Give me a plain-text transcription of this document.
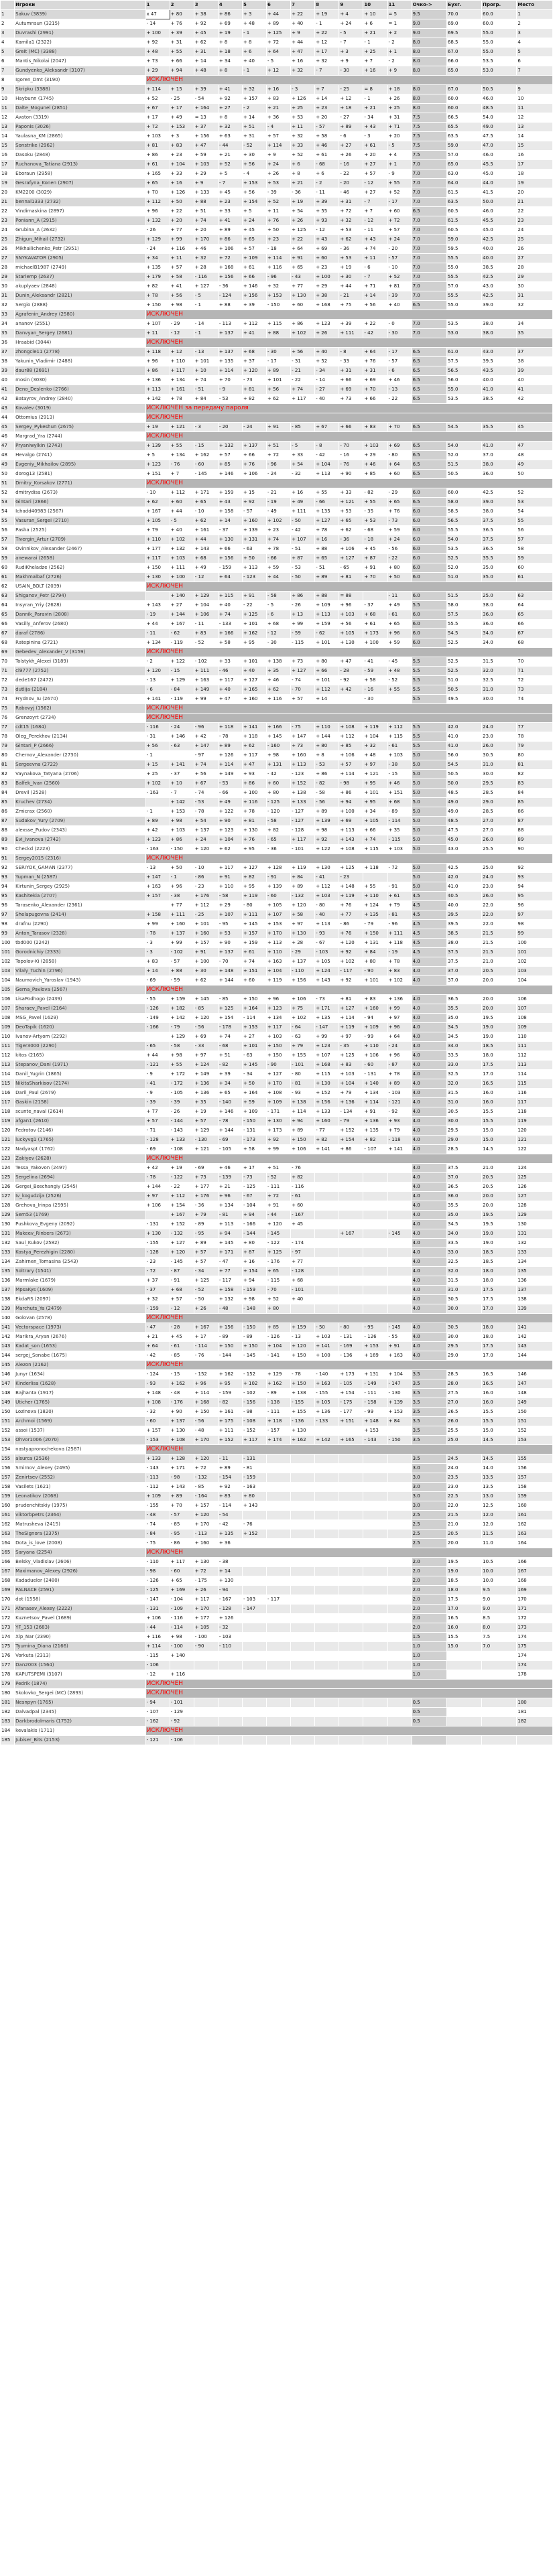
	Игроки	1	2	3	4	5	6	7	8	9	10	11	Очко->	Бухг.	Прогр.	Место
1	Sakuv (3839)	x 47	+ 80	+ 38	+ 86	+ 3	+ 44	+ 22	+ 19	+ 4	+ 10	= 5	9.5	70.0	60.0	1
2	Autumnsun (3215)	- 14	+ 76	+ 92	+ 69	+ 48	+ 89	+ 40	- 1	+ 24	+ 6	= 1	9.0	69.0	60.0	2
3	Duvrashi (2991)	+ 100	+ 39	+ 45	+ 19	- 1	+ 125	+ 9	+ 22	- 5	+ 21	+ 2	9.0	69.5	55.0	3
4	Kamila1 (2322)	+ 92	+ 31	+ 62	+ 8	+ 8	+ 72	+ 44	+ 12	- 7	- 1	- 2	8.0	68.5	55.0	4
5	Greit (MC) (3388)	+ 48	+ 55	+ 31	+ 18	+ 6	+ 64	+ 47	+ 17	+ 3	+ 25	+ 1	8.0	67.0	55.0	5
6	Mantis_Nikolai (2047)	+ 73	+ 66	+ 14	+ 34	+ 40	- 5	+ 16	+ 32	+ 9	+ 7	- 2	8.0	66.0	53.5	6
7	Gundyenko_Aleksandr (3107)	+ 29	+ 94	+ 48	+ 8	- 1	+ 12	+ 32	- 7	- 30	+ 16	+ 9	8.0	65.0	53.0	7
8	Igoren_Dmt (3190)	ИСКЛЮЧЕН														
9	Skripku (3388)	+ 114	+ 15	+ 39	+ 41	+ 32	+ 16	- 3	+ 7	- 25	= 8	+ 18	8.0	67.0	50.5	9
10	Haybunn (1745)	+ 52	- 25	- 54	+ 92	+ 157	+ 83	+ 126	+ 14	+ 12	- 1	+ 26	8.0	60.0	46.0	10
11	Dalte_Mogunel (2851)	+ 67	+ 17	+ 164	+ 27	- 2	+ 21	+ 25	+ 23	+ 18	+ 21	+ 25	8.0	60.0	48.5	11
12	Avaton (3319)	+ 17	+ 49	= 13	+ 8	+ 14	+ 36	+ 53	+ 20	- 27	- 34	+ 31	7.5	66.5	54.0	12
13	Paponis (3026)	+ 72	+ 153	+ 37	+ 32	+ 51	- 4	+ 11	- 57	+ 89	+ 43	+ 71	7.5	65.5	49.0	13
14	Yaulasna_KM (2865)	+ 103	+ 3	+ 156	+ 63	+ 31	+ 57	+ 32	+ 58	- 6	- 3	+ 20	7.5	63.5	47.5	14
15	Sonstrike (2962)	+ 81	+ 83	+ 47	- 44	- 52	+ 114	+ 33	+ 46	+ 27	+ 61	- 5	7.5	59.0	47.0	15
16	Dasoku (2848)	+ 86	+ 23	+ 59	+ 21	+ 30	+ 9	+ 52	+ 61	+ 26	+ 20	+ 4	7.5	57.0	46.0	16
17	Ruchanova_Tatiana (2913)	+ 61	+ 104	+ 103	+ 52	+ 56	+ 24	+ 6	- 68	- 16	+ 27	+ 1	7.0	65.0	45.5	17
18	Eboraun (2958)	+ 165	+ 33	+ 29	+ 5	- 4	+ 26	+ 8	+ 6	- 22	+ 57	- 9	7.0	63.0	45.0	18
19	Gesrafyna_Konen (2907)	+ 65	+ 16	+ 9	- 7	+ 153	+ 53	+ 21	- 2	- 20	- 12	+ 55	7.0	64.0	44.0	19
20	KM2200 (3029)	+ 70	+ 126	+ 133	+ 45	+ 56	- 39	- 36	- 11	- 46	+ 27	+ 52	7.0	61.5	41.5	20
21	bennal1333 (2732)	+ 112	+ 50	+ 88	+ 23	+ 154	+ 52	+ 19	+ 39	+ 31	- 7	- 17	7.0	63.5	50.0	21
22	Vindimaskina (2897)	+ 96	+ 22	+ 51	+ 33	+ 5	+ 11	+ 54	+ 55	+ 72	+ 7	+ 60	6.5	60.5	46.0	22
23	Poniann_A (2915)	+ 132	+ 20	+ 74	+ 41	+ 24	+ 76	+ 26	+ 93	+ 32	- 12	+ 72	7.0	61.5	45.5	23
24	Grubina_A (2632)	- 26	+ 77	+ 20	+ 89	+ 45	+ 50	+ 125	- 12	+ 53	- 11	+ 57	7.0	60.5	45.0	24
25	Zhigun_Mihail (2732)	+ 129	+ 99	+ 170	+ 86	+ 65	+ 23	+ 22	+ 43	+ 62	+ 43	+ 24	7.0	59.0	42.5	25
26	Mikhailichenko_Petr (2951)	- 24	+ 116	+ 46	+ 106	+ 57	- 18	+ 64	+ 69	- 36	+ 74	- 20	7.0	59.5	40.0	26
27	SNYKAVATOR (2905)	+ 34	+ 11	+ 32	+ 72	+ 109	+ 114	+ 91	+ 60	+ 53	+ 11	- 57	7.0	55.5	40.0	27
28	michaelB1987 (2749)	+ 135	+ 57	+ 28	+ 168	+ 61	+ 116	+ 65	+ 23	+ 19	- 6	- 10	7.0	55.0	38.5	28
29	Stariemp (2637)	+ 179	+ 58	- 116	+ 156	+ 66	- 96	- 43	+ 100	+ 30	- 7	+ 52	7.0	55.5	42.5	29
30	akuplyaev (2848)	+ 82	+ 41	+ 127	- 36	+ 146	+ 32	+ 77	+ 29	+ 44	+ 71	+ 81	7.0	57.0	43.0	30
31	Dunin_Aleksandr (2821)	+ 78	+ 56	- 5	- 124	+ 156	+ 153	+ 130	+ 38	- 21	+ 14	- 39	7.0	55.5	42.5	31
32	Sergio (2888)	+ 150	+ 98	- 1	+ 88	+ 39	- 150	+ 60	+ 168	+ 75	+ 56	+ 40	6.5	55.0	39.0	32
33	Agrafenin_Andrey (2580)	ИСКЛЮЧЕН														
34	ananov (2551)	+ 107	- 29	- 14	- 113	+ 112	+ 115	+ 86	+ 123	+ 39	+ 22	- 0	7.0	53.5	38.0	34
35	Danvyan_Sergey (2681)	+ 11	- 12	- 1	+ 137	+ 41	+ 88	+ 102	+ 26	+ 111	- 42	- 30	7.0	53.0	38.0	35
36	Hraabid (3044)	ИСКЛЮЧЕН														
37	zhongcle11 (2778)	+ 118	+ 12	- 13	+ 137	+ 68	- 30	+ 56	+ 40	- 8	+ 64	- 17	6.5	61.0	43.0	37
38	Yakunin_Vladimir (2488)	+ 96	+ 110	+ 101	+ 135	+ 37	- 17	- 31	+ 52	- 33	+ 76	- 57	6.5	57.5	39.5	38
39	daur88 (2691)	+ 86	+ 117	+ 10	+ 114	+ 120	+ 89	- 21	- 34	+ 31	+ 31	- 6	6.5	56.5	43.5	39
40	mosin (3030)	+ 136	+ 134	+ 74	+ 70	- 73	+ 101	- 22	- 14	+ 66	+ 69	+ 46	6.5	56.0	40.0	40
41	Deno_Deslenko (2766)	+ 113	+ 161	- 51	- 9	+ 81	+ 56	+ 74	- 27	+ 69	+ 70	- 13	6.5	55.0	41.0	41
42	Batayrov_Andrey (2840)	+ 142	+ 78	+ 84	- 53	+ 82	+ 62	+ 117	- 40	+ 73	+ 66	- 22	6.5	53.5	38.5	42
43	Kovalev (3019)	ИСКЛЮЧЕН за передачу пароля														
44	Ottomius (2913)	ИСКЛЮЧЕН														
45	Sergey_Pykeshun (2675)	+ 19	+ 121	- 3	- 20	- 24	+ 91	- 85	+ 67	+ 66	+ 83	+ 70	6.5	54.5	35.5	45
46	Margrad_Yra (2744)	ИСКЛЮЧЕН														
47	Pryaniwylkin (2743)	+ 139	+ 55	- 15	+ 132	+ 137	+ 51	- 5	- 8	- 70	+ 103	+ 69	6.5	54.0	41.0	47
48	Hevalgo (2741)	+ 5	+ 134	+ 162	+ 57	+ 66	+ 72	+ 33	- 42	- 16	+ 29	- 80	6.5	52.0	37.0	48
49	Evgeniy_Mikhailov (2895)	+ 123	- 76	- 60	+ 85	+ 76	- 96	+ 54	+ 104	- 76	+ 46	+ 64	6.5	51.5	38.0	49
50	dorog13 (2581)	+ 151	+ 7	- 145	+ 146	+ 106	- 24	- 32	+ 113	+ 90	+ 85	+ 60	6.5	50.5	36.0	50
51	Dmitry_Korsakov (2771)	ИСКЛЮЧЕН														
52	dmitrydisa (2673)	- 10	+ 112	+ 171	+ 159	+ 15	- 21	+ 16	+ 55	+ 33	- 82	- 29	6.0	60.0	42.5	52
53	Gintari (2866)	+ 62	+ 60	+ 65	+ 43	+ 92	- 19	+ 49	- 66	+ 121	+ 55	+ 65	6.5	58.0	39.0	53
54	Ichadd40983 (2567)	+ 167	+ 44	- 10	+ 158	- 57	- 49	+ 111	+ 135	+ 53	- 35	+ 76	6.0	58.5	38.0	54
55	Vasuran_Sergei (2710)	+ 105	- 5	+ 62	+ 14	+ 160	+ 102	- 50	+ 127	+ 65	+ 53	- 73	6.0	56.5	37.5	55
56	Pasha (2525)	+ 79	+ 40	+ 161	- 37	+ 139	+ 23	- 42	+ 78	+ 62	- 68	+ 59	6.0	55.5	36.5	56
57	Tivergin_Artur (2709)	+ 110	+ 102	+ 44	+ 130	+ 131	+ 74	+ 107	+ 16	- 36	- 18	+ 24	6.0	54.0	37.5	57
58	Ovinnikov_Alexander (2467)	+ 177	+ 132	+ 143	+ 66	- 63	+ 78	- 51	+ 88	+ 106	+ 45	- 56	6.0	53.5	36.5	58
59	anewarai (2658)	+ 117	+ 103	+ 68	+ 156	+ 50	- 66	+ 87	+ 65	+ 127	+ 87	- 22	6.0	52.5	35.5	59
60	RudiKheladze (2562)	+ 150	+ 111	+ 49	- 159	+ 113	+ 59	- 53	- 51	- 65	+ 91	+ 80	6.0	52.0	35.0	60
61	Makhmalbaf (2726)	+ 130	+ 100	- 12	+ 64	- 123	+ 44	- 50	+ 89	+ 81	+ 70	+ 50	6.0	51.0	35.0	61
62	USAIN_BOLT (2039)	ИСКЛЮЧЕН														
63	Shiganov_Petr (2794)		+ 140	+ 129	+ 115	+ 91	- 58	+ 86	+ 88	= 88		- 11	6.0	51.5	25.0	63
64	Insyran_Yriy (2628)	+ 143	+ 27	+ 104	+ 40	- 22	- 5	- 26	+ 109	+ 96	- 37	+ 49	5.5	58.0	38.0	64
65	Dannik_Paravin (2808)	- 19	+ 144	+ 106	+ 74	+ 125	- 6	+ 13	+ 113	+ 103	+ 68	- 61	6.0	57.5	36.0	65
66	Vasiliy_Anferov (2680)	+ 44	+ 167	- 11	- 133	+ 101	+ 68	+ 99	+ 159	+ 56	+ 61	+ 65	6.0	55.5	36.0	66
67	daraf (2786)	- 11	- 62	+ 83	+ 166	+ 162	- 12	- 59	- 62	+ 105	+ 173	+ 96	6.0	54.5	34.0	67
68	Ratepinina (2721)	+ 134	- 119	- 52	+ 58	+ 95	- 30	- 115	+ 101	+ 130	+ 100	+ 59	6.0	52.5	34.0	68
69	Gebedev_Alexander_V (3159)	ИСКЛЮЧЕН														
70	Tolstykh_Alexei (3189)	- 2	+ 122	- 102	+ 33	+ 101	+ 138	+ 73	+ 80	+ 47	- 41	- 45	5.5	52.5	31.5	70
71	cl9777 (2752)	+ 120	- 15	+ 111	- 46	+ 40	+ 35	+ 127	+ 66	- 28	- 59	+ 48	5.5	52.5	32.0	71
72	dede167 (2472)	- 13	+ 129	+ 163	+ 117	+ 127	+ 46	- 74	+ 101	- 92	+ 58	- 52	5.5	51.0	32.5	72
73	dutlija (2184)	- 6	- 84	+ 149	+ 40	+ 165	+ 62	- 70	+ 112	+ 42	- 16	+ 55	5.5	50.5	31.0	73
74	Frydnov_Iu (2670)	+ 141	- 119	+ 99	+ 47	+ 160	+ 116	+ 57	+ 14		- 30		5.5	49.5	30.0	74
75	Rabovyj (1562)	ИСКЛЮЧЕН														
76	Grenzoyrt (2734)	ИСКЛЮЧЕН														
77	cdt15 (1684)	- 116	- 24	- 96	+ 118	+ 141	+ 166	- 75	+ 110	+ 108	+ 119	+ 112	5.5	42.0	24.0	77
78	Oleg_Perekhov (2134)	- 31	+ 146	+ 42	- 78	+ 118	+ 145	+ 147	+ 144	+ 112	+ 104	+ 115	5.5	41.0	23.0	78
79	Gintari_P (2666)	+ 56	- 63	+ 147	+ 89	+ 62	- 160	+ 73	+ 80	+ 85	+ 32	- 61	5.5	41.0	26.0	79
80	Chernov_Alexander (2730)	- 1		- 97	+ 126	+ 117	+ 98	+ 160	+ 8	+ 106	+ 48	+ 103	5.0	56.0	30.5	80
81	Sergeevna (2722)	+ 15	+ 141	+ 74	+ 114	+ 47	+ 131	+ 113	- 53	+ 57	+ 97	- 38	5.0	54.5	31.0	81
82	Vaynakova_Tatyana (2706)	+ 25	- 37	+ 56	+ 149	+ 93	- 42	- 123	+ 86	+ 114	+ 121	- 15	5.0	50.5	30.0	82
83	Balfek_Ivan (2560)	+ 102	+ 10	+ 67	- 53	+ 86	+ 60	+ 152	- 82	- 98	+ 95	+ 46	5.0	50.0	29.5	83
84	Drevil (2528)	- 163	- 7	- 74	- 66	+ 100	+ 80	+ 138	- 58	+ 86	+ 101	+ 151	5.0	48.5	28.5	84
85	Kruchev (2734)		+ 142	- 53	+ 49	+ 116	- 125	+ 133	- 56	+ 94	+ 95	+ 68	5.0	49.0	29.0	85
86	Zmicrax (2560)	- 1	+ 153	- 78	+ 122	+ 78	- 120	- 127	+ 89	+ 100	+ 34	- 89	5.0	49.0	28.5	86
87	Sudakov_Yury (2709)	+ 89	+ 98	+ 54	+ 90	+ 81	- 58	- 127	+ 139	+ 69	+ 105	- 114	5.0	48.5	27.0	87
88	alexsse_Pudov (2343)	+ 42	+ 103	+ 137	+ 123	+ 130	+ 82	- 128	+ 98	+ 113	+ 66	+ 35	5.0	47.5	27.0	88
89	Evi_Ivanova (2742)	+ 123	+ 86	+ 24	+ 104	+ 76	- 65	+ 117	+ 92	+ 143	+ 74	- 115	5.0	45.0	26.0	89
90	Checkd (2223)	- 163	- 150	+ 120	+ 62	+ 95	- 36	- 101	+ 122	+ 108	+ 115	+ 103	5.0	43.0	25.5	90
91	Sergey2015 (2316)	ИСКЛЮЧЕН														
92	SERIYOK_GAMAN (2377)	- 13	+ 50	- 10	+ 117	+ 127	+ 128	+ 119	+ 130	+ 125	+ 118	- 72	5.0	42.5	25.0	92
93	Yupman_N (2587)	+ 147	- 1	- 86	+ 91	+ 82	- 91	+ 84	- 41	- 23			5.0	42.0	24.0	93
94	Kirtunin_Sergey (2925)	+ 163	+ 96	- 23	+ 110	+ 95	+ 139	+ 89	+ 112	+ 148	+ 55	- 91	5.0	41.0	23.0	94
95	Kashitekia (2707)	+ 157	- 38	+ 176	- 58	+ 119	- 60	- 132	+ 103	+ 119	+ 110	+ 61	4.5	40.5	26.0	95
96	Tarasenko_Alexander (2361)		+ 77	+ 112	+ 29	- 80	+ 105	+ 120	- 80	+ 76	+ 124	+ 79	4.5	40.0	22.0	96
97	Shelapugovna (2414)	+ 158	+ 111	- 25	+ 107	+ 111	+ 107	+ 58	- 40	+ 77	+ 135	- 81	4.5	39.5	22.0	97
98	drafnu (2290)	+ 99	+ 160	+ 101	- 95	+ 145	+ 153	+ 97	+ 113	- 86	- 79	- 96	4.5	39.5	22.0	98
99	Anton_Tarasov (2328)	- 78	+ 137	+ 160	+ 53	+ 157	+ 170	+ 130	- 93	+ 76	+ 150	+ 111	4.5	38.5	21.5	99
100	tbd000 (2242)	- 3	+ 99	+ 157	+ 90	+ 159	+ 113	+ 28	- 67	+ 120	+ 131	+ 118	4.5	38.0	21.5	100
101	Gorodnichiy (2333)	- 3	- 102	+ 91	+ 137	+ 61	+ 110	- 29	- 103	+ 92	+ 84	- 19	4.5	37.5	21.5	101
102	Topolov-Ki (2858)	+ 83	- 57	+ 100	- 70	+ 74	+ 163	+ 137	+ 105	+ 102	+ 80	+ 78	4.0	37.5	21.0	102
103	Vilaly_Tuchin (2796)	+ 14	+ 88	+ 30	+ 148	+ 151	+ 104	- 110	+ 124	- 117	- 90	+ 83	4.0	37.0	20.5	103
104	Naumovich_Yaroslav (1943)	- 69	- 59	+ 62	+ 144	+ 60	+ 119	+ 156	+ 143	+ 92	+ 101	+ 102	4.0	37.0	20.0	104
105	Gerna_Pavlova (2567)	ИСКЛЮЧЕН														
106	LisaPodhogo (2439)	- 55	+ 159	+ 145	- 85	+ 150	+ 96	+ 106	- 73	+ 81	+ 83	+ 136	4.0	36.5	20.0	106
107	Sharaev_Pavel (2164)	- 126	+ 182	- 85	+ 125	+ 164	+ 123	+ 75	+ 171	+ 127	+ 160	+ 99	4.0	35.5	20.0	107
108	MSG_Pavel (1629)	- 149	+ 142	+ 120	+ 154	- 114	+ 134	+ 102	+ 135	+ 114	- 94	+ 97	4.0	35.0	19.5	108
109	DeoTapik (1620)	- 166	- 79	- 56	- 178	+ 153	+ 117	- 64	- 147	+ 119	+ 109	+ 96	4.0	34.5	19.0	109
110	Ivanov-Artyom (2292)		+ 129	+ 69	+ 74	+ 27	+ 103	- 63	+ 99	+ 97	- 99	+ 64	4.0	34.5	19.0	110
111	Tiger3000 (2290)	- 65	- 58	- 33	- 68	+ 101	+ 150	+ 79	+ 123	- 35	+ 110	- 24	4.0	34.0	18.5	111
112	kitos (2165)	+ 44	+ 98	+ 97	+ 51	- 63	+ 150	+ 155	+ 107	+ 125	+ 106	+ 96	4.0	33.5	18.0	112
113	Stepanov_Dani (1971)	- 121	+ 55	+ 124	- 82	+ 145	- 90	- 101	+ 168	+ 83	- 60	- 87	4.0	33.0	17.5	113
114	Danil_Yugrin (1865)	- 9	+ 172	+ 149	+ 39	- 34	+ 127	- 80	+ 115	+ 103	- 131	+ 78	4.0	32.5	17.0	114
115	NikitaSharkisov (2174)	- 41	- 172	+ 136	+ 34	+ 50	+ 170	- 81	+ 130	+ 104	+ 140	+ 89	4.0	32.0	16.5	115
116	Daril_Paul (2679)	- 9	- 105	+ 136	+ 65	+ 164	+ 108	- 93	+ 152	+ 79	+ 134	- 103	4.0	31.5	16.0	116
117	Gaskin (2158)	- 39	- 39	+ 35	- 140	+ 59	+ 109	+ 138	+ 156	+ 136	+ 114	- 121	4.0	31.0	16.0	117
118	scunte_naval (2614)	+ 77	- 26	+ 19	+ 146	+ 109	- 171	+ 114	+ 133	- 134	+ 91	- 92	4.0	30.5	15.5	118
119	afgan1 (2610)	+ 57	- 144	+ 57	- 78	- 150	+ 130	+ 94	+ 160	- 79	+ 136	+ 93	4.0	30.0	15.5	119
120	Fedrotov (2146)	- 71	- 143	+ 129	+ 144	- 131	+ 173	+ 89	- 77	+ 152	+ 135	+ 79	4.0	29.5	15.0	120
121	luckyvg1 (1765)	- 128	+ 133	- 130	- 69	- 173	+ 92	+ 150	+ 82	+ 154	+ 82	- 118	4.0	29.0	15.0	121
122	Nadyaspt (1762)	- 69	- 108	+ 121	- 105	+ 58	+ 99	+ 106	+ 141	+ 86	- 107	+ 141	4.0	28.5	14.5	122
123	Zakiyev (2628)	ИСКЛЮЧЕН														
124	Tessa_Yakovon (2497)	+ 42	+ 19	- 69	+ 46	+ 17	+ 51	- 76					4.0	37.5	21.0	124
125	Sergelina (2694)	- 78	- 122	+ 73	- 139	- 73	- 52	+ 82					4.0	37.0	20.5	125
126	Gergei_Boschangiy (2545)	+ 144	- 22	+ 177	+ 21	- 125	- 111	- 116					4.0	36.5	20.5	126
127	Iv_kogudzija (2526)	+ 97	+ 112	+ 176	+ 96	- 67	+ 72	- 61					4.0	36.0	20.0	127
128	Grehova_Irinpa (2595)	+ 106	+ 154	- 36	+ 134	- 104	+ 91	+ 60					4.0	35.5	20.0	128
129	Sem53 (1769)		+ 167	+ 79	- 81	+ 94	- 44	- 167					4.0	35.0	19.5	129
130	Pushkova_Evgeny (2092)	- 131	+ 152	- 89	+ 113	- 166	+ 120	+ 45					4.0	34.5	19.5	130
131	Makeev_Rinbers (2673)	+ 130	- 132	- 95	+ 94	- 144	- 145			+ 167		- 145	4.0	34.0	19.0	131
132	Saul_Kukov (2582)	- 155	+ 127	+ 89	+ 145	+ 80	- 122	- 174					4.0	33.5	19.0	132
133	Kostya_Perezhigin (2280)	- 128	+ 120	+ 57	+ 171	+ 87	+ 125	- 97					4.0	33.0	18.5	133
134	Zahirnen_Tomasina (2543)	- 23	- 145	+ 57	- 47	+ 16	- 176	+ 77					4.0	32.5	18.5	134
135	Soltrary (1541)	- 72	- 87	- 34	+ 77	+ 154	+ 65	- 128					4.0	32.0	18.0	135
136	Marmlake (1679)	+ 37	- 91	+ 125	- 117	+ 94	- 115	+ 68					4.0	31.5	18.0	136
137	MpsaKys (1609)	- 37	+ 68	- 52	+ 158	- 159	- 70	- 101					4.0	31.0	17.5	137
138	EkdaRS (2097)	+ 32	+ 57	- 50	+ 132	+ 98	+ 52	+ 40					4.0	30.5	17.5	138
139	Marchuts_Ya (2479)	- 159	- 12	+ 26	- 48	- 148	+ 80						4.0	30.0	17.0	139
140	Golovan (2578)	ИСКЛЮЧЕН														
141	Vectorspace (1973)	- 47	- 28	+ 167	+ 156	- 150	+ 85	+ 159	- 50	- 80	- 95	- 145	4.0	30.5	18.0	141
142	Marikra_Aryan (2676)	+ 21	+ 45	+ 17	- 89	- 89	- 126	- 13	+ 103	- 131	- 126	- 55	4.0	30.0	18.0	142
143	Kadat_son (1653)	+ 64	- 61	- 114	+ 150	+ 150	+ 104	+ 120	+ 141	- 169	+ 153	+ 91	4.0	29.5	17.5	143
144	sergej_Sonabe (1675)	- 42	- 85	- 76	- 144	- 145	- 141	+ 150	+ 100	- 136	+ 169	+ 163	4.0	29.0	17.0	144
145	Alezon (2162)	ИСКЛЮЧЕН														
146	Junyr (1634)	- 124	- 15	- 152	+ 162	- 152	+ 129	- 78	- 140	+ 173	+ 131	+ 104	3.5	28.5	16.5	146
147	Kinderlisa (1628)	- 93	+ 162	+ 96	+ 95	+ 102	+ 162	+ 150	+ 163	- 105	- 149	- 147	3.5	28.0	16.5	147
148	Bajhanta (1917)	+ 148	- 48	+ 114	- 159	- 102	- 89	+ 138	- 155	+ 154	- 111	- 130	3.5	27.5	16.0	148
149	Uticher (1765)	+ 108	- 176	+ 168	- 82	- 156	- 138	- 155	+ 105	- 175	- 158	+ 139	3.5	27.0	16.0	149
150	Lozinova (1820)	- 32	+ 90	+ 150	+ 161	- 98	- 111	+ 155	+ 136	- 177	- 99	+ 153	3.5	26.5	15.5	150
151	Archmoi (1569)	- 60	+ 137	- 56	+ 175	- 108	+ 118	- 136	- 133	+ 151	+ 148	+ 84	3.5	26.0	15.5	151
152	assoi (1537)	+ 157	+ 130	- 48	+ 111	- 152	- 157	+ 130			+ 153		3.5	25.5	15.0	152
153	Ohvor1006 (2070)	- 153	+ 108	+ 170	+ 152	+ 117	+ 174	+ 162	+ 142	+ 165	- 143	- 150	3.5	25.0	14.5	153
154	nastyapronochekova (2587)	ИСКЛЮЧЕН														
155	alsurca (2536)	+ 133	+ 128	+ 120	- 11	- 131							3.5	24.5	14.5	155
156	Smirnov_Alexey (2495)	- 143	+ 171	+ 72	+ 89	- 81							3.0	24.0	14.0	156
157	Zenirtsev (2552)	- 113	- 98	- 132	- 154	- 159							3.0	23.5	13.5	157
158	Vasilets (1621)	- 112	+ 143	- 85	+ 92	- 163							3.0	23.0	13.5	158
159	Leonatikov (2068)	+ 109	+ 89	- 164	+ 83	+ 80							3.0	22.5	13.0	159
160	prudenchitskiy (1975)	- 155	+ 70	+ 157	- 114	+ 143							3.0	22.0	12.5	160
161	viktorbpetrs (2364)	- 48	- 57	+ 120	- 54								2.5	21.5	12.0	161
162	Matrusheva (2415)	- 74	- 85	+ 170	- 42	- 76							2.5	21.0	12.0	162
163	TheSignora (2375)	- 84	- 95	- 113	+ 135	+ 152							2.5	20.5	11.5	163
164	Dota_is_love (2008)	- 75	- 86	+ 160	+ 36								2.5	20.0	11.0	164
165	Saryana (2254)	ИСКЛЮЧЕН														
166	Belsky_Vladislav (2606)	- 110	+ 117	+ 130	- 38								2.0	19.5	10.5	166
167	Maximanov_Alexey (2926)	- 98	- 60	+ 72	+ 14								2.0	19.0	10.0	167
168	Kadaduelor (2480)	- 126	+ 65	- 175	+ 130								2.0	18.5	10.0	168
169	PALNACE (2591)	- 125	+ 169	+ 26	- 94								2.0	18.0	9.5	169
170	dot (1558)	- 147	- 104	+ 117	- 167	- 103	- 117						2.0	17.5	9.0	170
171	Afanasev_Alexey (2222)	- 131	- 109	+ 170	- 128	- 147							2.0	17.0	9.0	171
172	Kuznetsov_Pavel (1689)	+ 106	- 116	+ 177	+ 126								2.0	16.5	8.5	172
173	YF_153 (2683)	- 44	- 114	+ 105	- 32								2.0	16.0	8.0	173
174	Xlp_Nar (2390)	+ 116	+ 98	- 100	- 103								1.5	15.5	7.5	174
175	Tyumina_Diana (2166)	+ 114	- 100	- 90	- 110								1.0	15.0	7.0	175
176	Vorkuta (2313)	- 115	+ 140										1.0			174
177	Dan2003 (1564)	- 106											1.0			174
178	KAPUTSPEMI (3107)	- 12	+ 116										1.0			178
179	Pedrik (1874)	ИСКЛЮЧЕН														
180	Skolovko_Sergei (MC) (2893)	ИСКЛЮЧЕН														
181	Nesnpyn (1765)	- 94	- 101										0.5			180
182	Dalvadpal (2345)	- 107	- 129										0.5			181
183	Darkbrodolmaris (1752)	- 162	- 92										0.5			182
184	kevalakis (1711)	ИСКЛЮЧЕН														
185	Jubiser_Bits (2153)	- 121	- 106													
